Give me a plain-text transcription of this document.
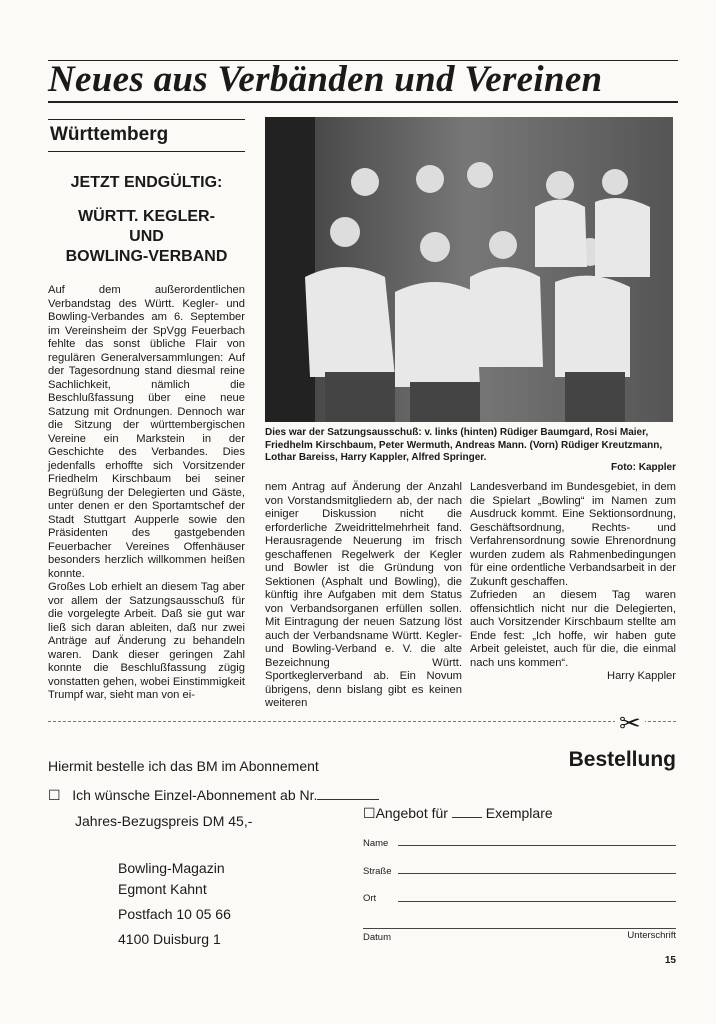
Neues aus Verbänden und Vereinen
Württemberg
JETZT ENDGÜLTIG:
WÜRTT. KEGLER-
UND
BOWLING-VERBAND

Auf dem außerordentlichen Verbandstag des Württ. Kegler- und Bowling-Verbandes am 6. September im Vereinsheim der SpVgg Feuerbach fehlte das sonst übliche Flair von regulären Generalversammlungen: Auf der Tagesordnung stand diesmal reine Sachlichkeit, nämlich die Beschlußfassung über eine neue Satzung mit Ordnungen. Dennoch war die Sitzung der württembergischen Vereine ein Markstein in der Geschichte des Verbandes. Dies jedenfalls erhoffte sich Vorsitzender Friedhelm Kirschbaum bei seiner Begrüßung der Delegierten und Gäste, unter denen er den Sportamtschef der Stadt Stuttgart Aupperle sowie den Präsidenten des gastgebenden Feuerbacher Vereines Offenhäuser besonders herzlich willkommen heißen konnte.

Großes Lob erhielt an diesem Tag aber vor allem der Satzungsausschuß für die vorgelegte Arbeit. Daß sie gut war ließ sich daran ableiten, daß nur zwei Anträge auf Änderung zu behandeln waren. Dank dieser geringen Zahl konnte die Beschlußfassung zügig vonstatten gehen, wobei Einstimmigkeit Trumpf war, sieht man von ei-

Dies war der Satzungsausschuß: v. links (hinten) Rüdiger Baumgard, Rosi Maier, Friedhelm Kirschbaum, Peter Wermuth, Andreas Mann. (Vorn) Rüdiger Kreutzmann, Lothar Bareiss, Harry Kappler, Alfred Springer.
Foto: Kappler

nem Antrag auf Änderung der Anzahl von Vorstandsmitgliedern ab, der nach einiger Diskussion nicht die erforderliche Zweidrittelmehrheit fand. Herausragende Neuerung im frisch geschaffenen Regelwerk der Kegler und Bowler ist die Gründung von Sektionen (Asphalt und Bowling), die künftig ihre Aufgaben mit dem Status von Verbandsorganen erfüllen sollen. Mit Eintragung der neuen Satzung löst auch der Verbandsname Württ. Kegler- und Bowling-Verband e. V. die alte Bezeichnung Württ. Sportkeglerverband ab. Ein Novum übrigens, denn bislang gibt es keinen weiteren

Landesverband im Bundesgebiet, in dem die Spielart „Bowling“ im Namen zum Ausdruck kommt. Eine Sektionsordnung, Geschäftsordnung, Rechts- und Verfahrensordnung sowie Ehrenordnung wurden zudem als Rahmenbedingungen für eine ordentliche Verbandsarbeit in der Zukunft geschaffen.

Zufrieden an diesem Tag waren offensichtlich nicht nur die Delegierten, auch Vorsitzender Kirschbaum stellte am Ende fest: „Ich hoffe, wir haben gute Arbeit geleistet, auch für die, die einmal nach uns kommen“.

Harry Kappler

✂
Hiermit bestelle ich das BM im Abonnement	Bestellung
☐ Ich wünsche Einzel-Abonnement ab Nr.
Jahres-Bezugspreis DM 45,-	☐Angebot für	Exemplare
Bowling-Magazin
Egmont Kahnt
Postfach 10 05 66
4100 Duisburg 1
Name
Straße
Ort
Datum	Unterschrift
15
